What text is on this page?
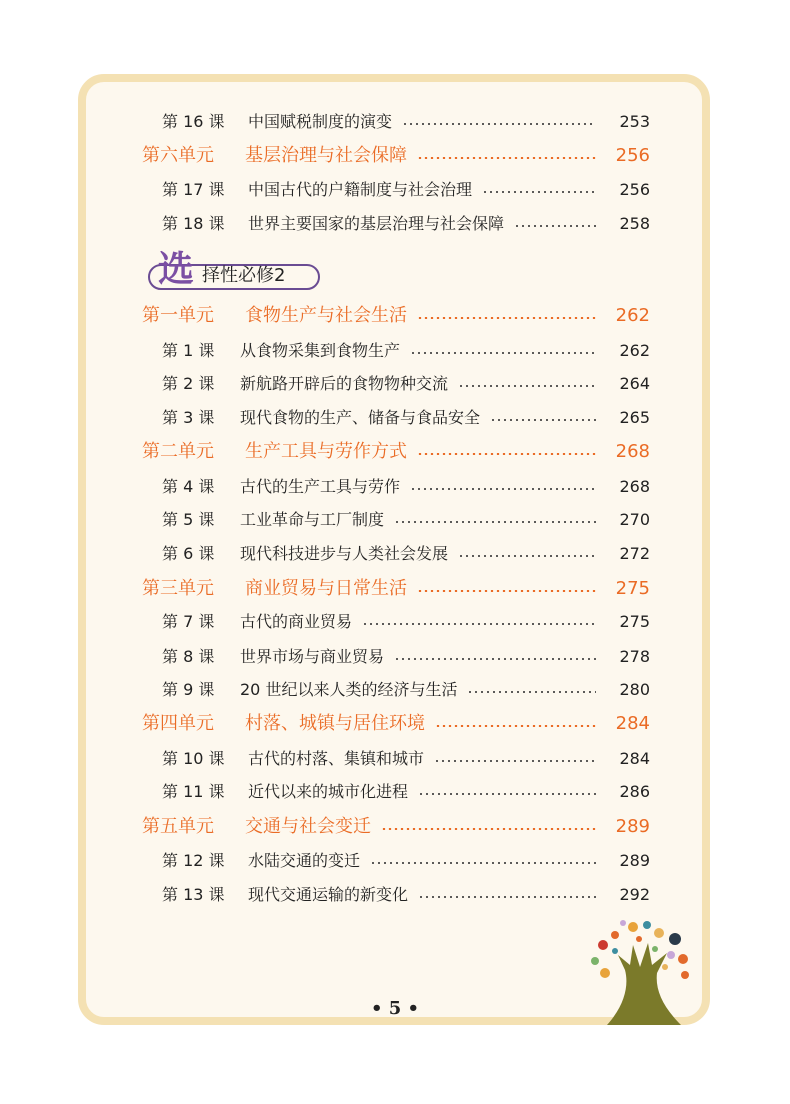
选 择性必修2
第 16 课 中国赋税制度的演变	253
第六单元 基层治理与社会保障	256
第 17 课 中国古代的户籍制度与社会治理	256
第 18 课 世界主要国家的基层治理与社会保障	258
第一单元 食物生产与社会生活	262
第 1 课 从食物采集到食物生产	262
第 2 课 新航路开辟后的食物物种交流	264
第 3 课 现代食物的生产、储备与食品安全	265
第二单元 生产工具与劳作方式	268
第 4 课 古代的生产工具与劳作	268
第 5 课 工业革命与工厂制度	270
第 6 课 现代科技进步与人类社会发展	272
第三单元 商业贸易与日常生活	275
第 7 课 古代的商业贸易	275
第 8 课 世界市场与商业贸易	278
第 9 课 20 世纪以来人类的经济与生活	280
第四单元 村落、城镇与居住环境	284
第 10 课 古代的村落、集镇和城市	284
第 11 课 近代以来的城市化进程	286
第五单元 交通与社会变迁	289
第 12 课 水陆交通的变迁	289
第 13 课 现代交通运输的新变化	292
• 5 •
